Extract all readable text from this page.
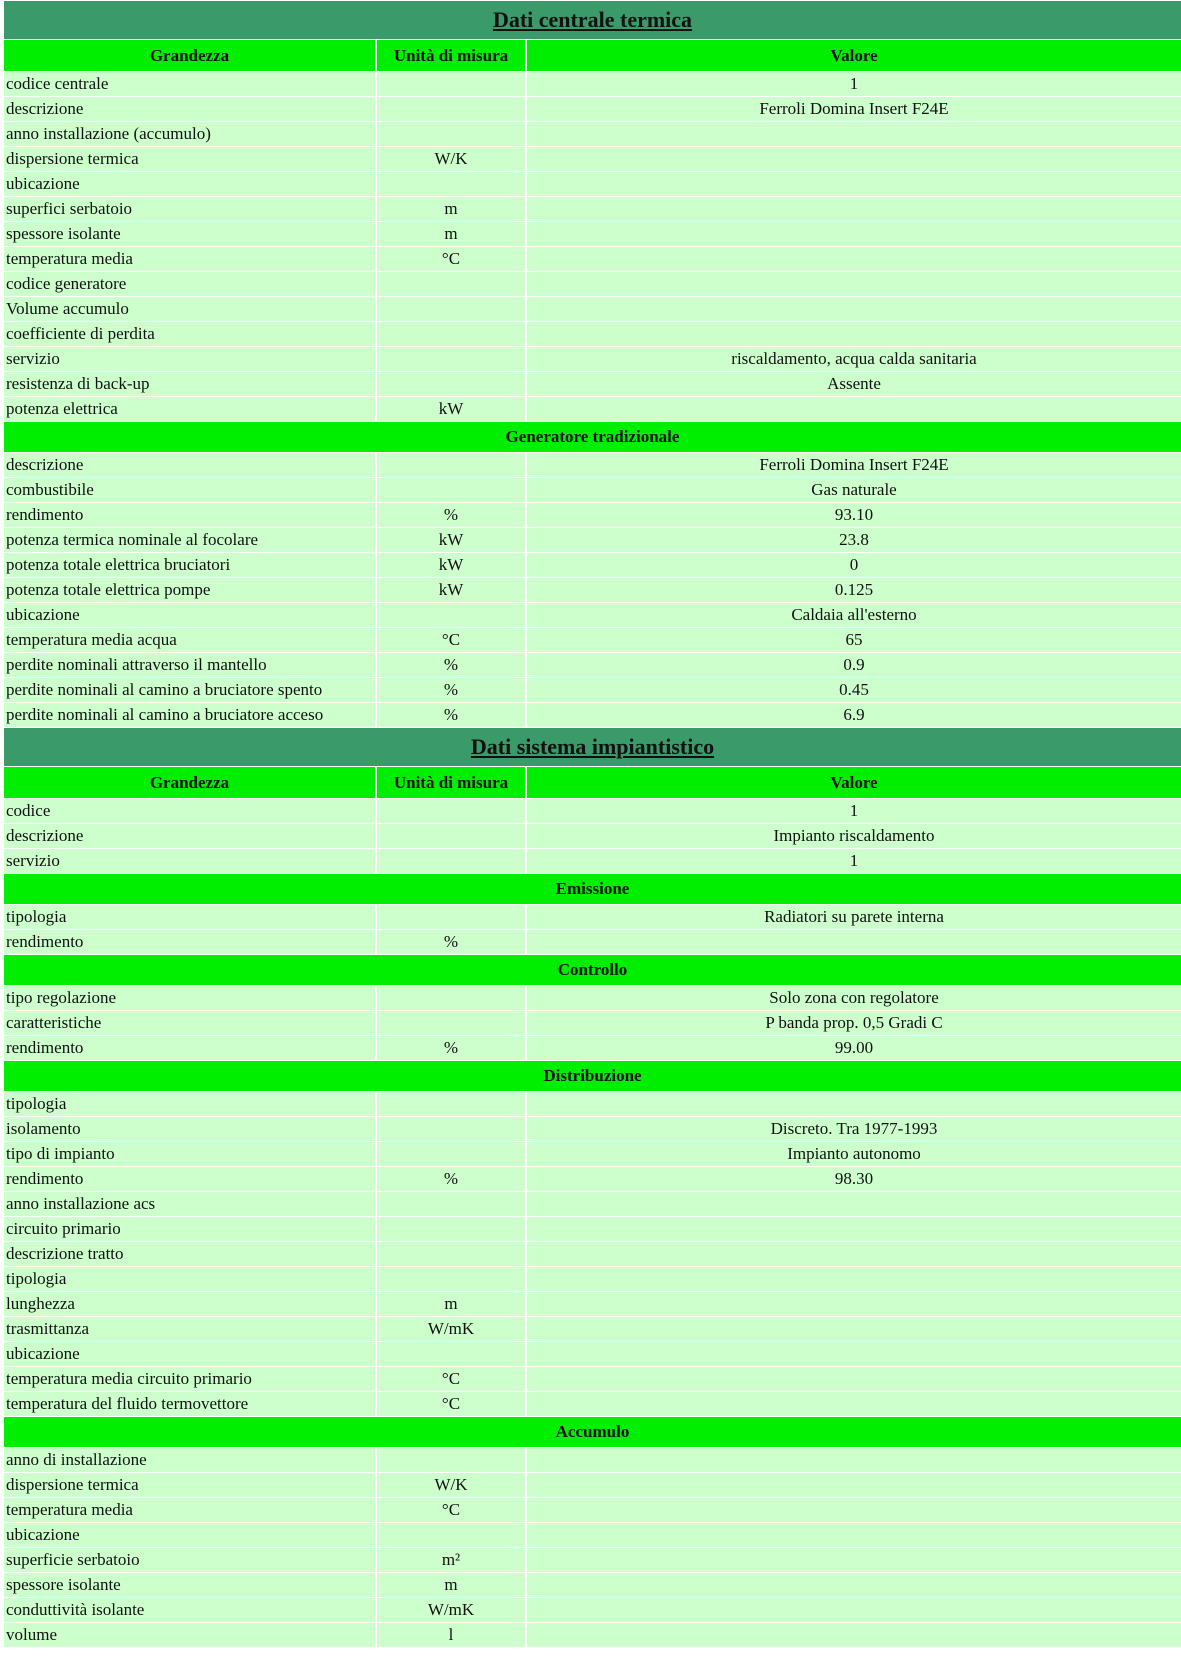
Dati centrale termica		
Grandezza	Unità di misura	Valore
codice centrale		1
descrizione		Ferroli Domina Insert F24E
anno installazione (accumulo)		
dispersione termica	W/K	
ubicazione		
superfici serbatoio	m	
spessore isolante	m	
temperatura media	°C	
codice generatore		
Volume accumulo		
coefficiente di perdita		
servizio		riscaldamento, acqua calda sanitaria
resistenza di back-up		Assente
potenza elettrica	kW	
Generatore tradizionale		
descrizione		Ferroli Domina Insert F24E
combustibile		Gas naturale
rendimento	%	93.10
potenza termica nominale al focolare	kW	23.8
potenza totale elettrica bruciatori	kW	0
potenza totale elettrica pompe	kW	0.125
ubicazione		Caldaia all'esterno
temperatura media acqua	°C	65
perdite nominali attraverso il mantello	%	0.9
perdite nominali al camino a bruciatore spento	%	0.45
perdite nominali al camino a bruciatore acceso	%	6.9
Dati sistema impiantistico		
Grandezza	Unità di misura	Valore
codice		1
descrizione		Impianto riscaldamento
servizio		1
Emissione		
tipologia		Radiatori su parete interna
rendimento	%	
Controllo		
tipo regolazione		Solo zona con regolatore
caratteristiche		P banda prop. 0,5 Gradi C
rendimento	%	99.00
Distribuzione		
tipologia		
isolamento		Discreto. Tra 1977-1993
tipo di impianto		Impianto autonomo
rendimento	%	98.30
anno installazione acs		
circuito primario		
descrizione tratto		
tipologia		
lunghezza	m	
trasmittanza	W/mK	
ubicazione		
temperatura media circuito primario	°C	
temperatura del fluido termovettore	°C	
Accumulo		
anno di installazione		
dispersione termica	W/K	
temperatura media	°C	
ubicazione		
superficie serbatoio	m²	
spessore isolante	m	
conduttività isolante	W/mK	
volume	l	
